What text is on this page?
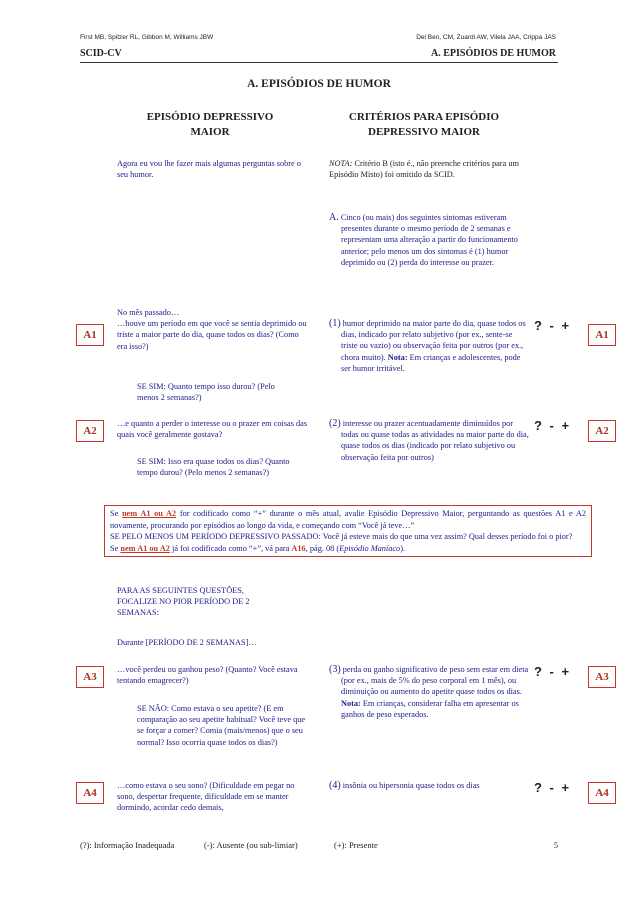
First MB, Spitzer RL, Gibbon M, Williams JBW	Del Ben, CM, Zuardi AW, Vilela JAA, Crippa JAS
SCID-CV	A. EPISÓDIOS DE HUMOR
A. EPISÓDIOS DE HUMOR
EPISÓDIO DEPRESSIVO
MAIOR
CRITÉRIOS PARA EPISÓDIO
DEPRESSIVO MAIOR
Agora eu vou lhe fazer mais algumas perguntas sobre o seu humor.
NOTA: Critério B (isto é., não preenche critérios para um Episódio Misto) foi omitido da SCID.
A. Cinco (ou mais) dos seguintes sintomas estiveram presentes durante o mesmo período de 2 semanas e representam uma alteração a partir do funcionamento anterior; pelo menos um dos sintomas é (1) humor deprimido ou (2) perda do interesse ou prazer.
A1
No mês passado…
…houve um período em que você se sentia deprimido ou triste a maior parte do dia, quase todos os dias? (Como era isso?)
SE SIM: Quanto tempo isso durou? (Pelo menos 2 semanas?)
(1) humor deprimido na maior parte do dia, quase todos os dias, indicado por relato subjetivo (por ex., sente-se triste ou vazio) ou observação feita por outros (por ex., chora muito). Nota: Em crianças e adolescentes, pode ser humor irritável.
? - +
A1
A2
…e quanto a perder o interesse ou o prazer em coisas das quais você geralmente gostava?
SE SIM: Isso era quase todos os dias? Quanto tempo durou? (Pelo menos 2 semanas?)
(2) interesse ou prazer acentuadamente diminuídos por todas ou quase todas as atividades na maior parte do dia, quase todos os dias (indicado por relato subjetivo ou observação feita por outros)
? - +	A2
Se nem A1 ou A2 for codificado como “+” durante o mês atual, avalie Episódio Depressivo Maior, perguntando as questões A1 e A2 novamente, procurando por episódios ao longo da vida, e começando com “Você já teve…”
SE PELO MENOS UM PERÍODO DEPRESSIVO PASSADO: Você já esteve mais do que uma vez assim? Qual desses período foi o pior?
Se nem A1 ou A2 já foi codificado como “+”, vá para A16, pág. 08 (Episódio Maníaco).
PARA AS SEGUINTES QUESTÕES, FOCALIZE NO PIOR PERÍODO DE 2 SEMANAS:
Durante [PERÍODO DE 2 SEMANAS]…
A3
…você perdeu ou ganhou peso? (Quanto? Você estava tentando emagrecer?)
SE NÃO: Como estava o seu apetite? (E em comparação ao seu apetite habitual? Você teve que se forçar a comer? Comia (mais/menos) que o seu normal? Isso ocorria quase todos os dias?)
(3) perda ou ganho significativo de peso sem estar em dieta (por ex., mais de 5% do peso corporal em 1 mês), ou diminuição ou aumento do apetite quase todos os dias. Nota: Em crianças, considerar falha em apresentar os ganhos de peso esperados.
? - +	A3
A4
…como estava o seu sono? (Dificuldade em pegar no sono, despertar frequente, dificuldade em se manter dormindo, acordar cedo demais,
(4) insônia ou hipersonia quase todos os dias	? - +	A4
(?): Informação Inadequada	(-): Ausente (ou sub-limiar)	(+): Presente	5
